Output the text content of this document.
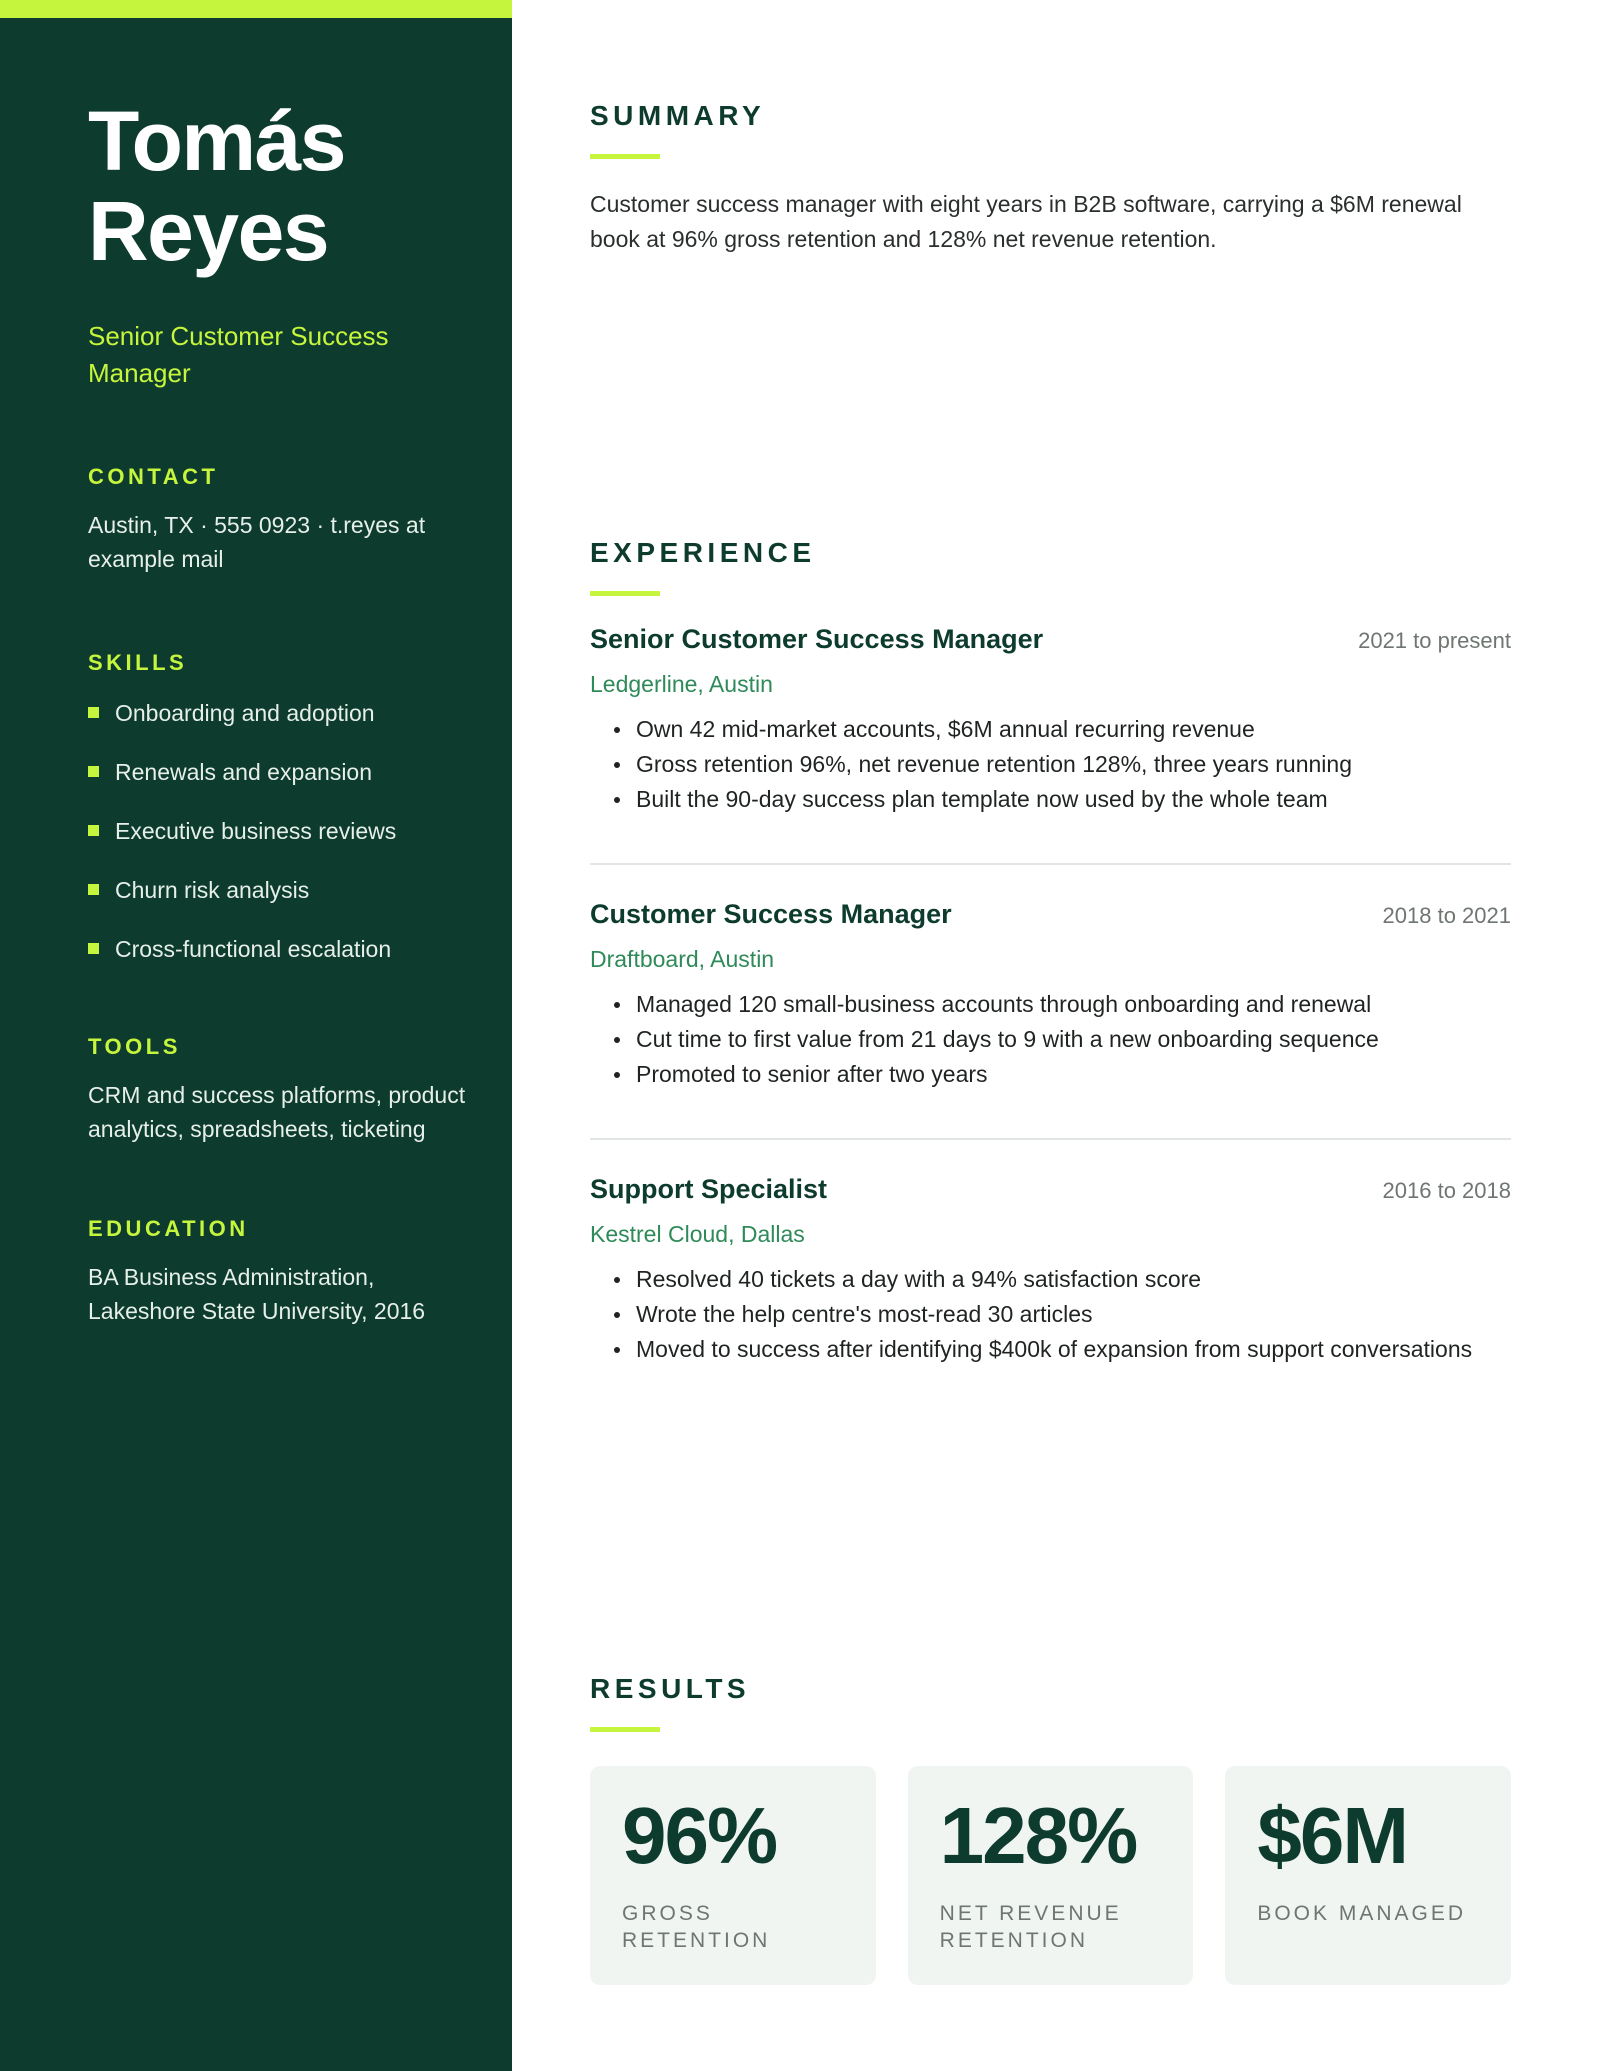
Tomás
Reyes
Senior Customer Success Manager
CONTACT
Austin, TX · 555 0923 · t.reyes at example mail
SKILLS
Onboarding and adoption
Renewals and expansion
Executive business reviews
Churn risk analysis
Cross-functional escalation
TOOLS
CRM and success platforms, product analytics, spreadsheets, ticketing
EDUCATION
BA Business Administration, Lakeshore State University, 2016
SUMMARY

Customer success manager with eight years in B2B software, carrying a $6M renewal book at 96% gross retention and 128% net revenue retention.

EXPERIENCE
Senior Customer Success Manager	2021 to present
Ledgerline, Austin
Own 42 mid-market accounts, $6M annual recurring revenue
Gross retention 96%, net revenue retention 128%, three years running
Built the 90-day success plan template now used by the whole team
Customer Success Manager	2018 to 2021
Draftboard, Austin
Managed 120 small-business accounts through onboarding and renewal
Cut time to first value from 21 days to 9 with a new onboarding sequence
Promoted to senior after two years
Support Specialist	2016 to 2018
Kestrel Cloud, Dallas
Resolved 40 tickets a day with a 94% satisfaction score
Wrote the help centre's most-read 30 articles
Moved to success after identifying $400k of expansion from support conversations
RESULTS
96%
GROSS RETENTION
128%
NET REVENUE RETENTION
$6M
BOOK MANAGED
